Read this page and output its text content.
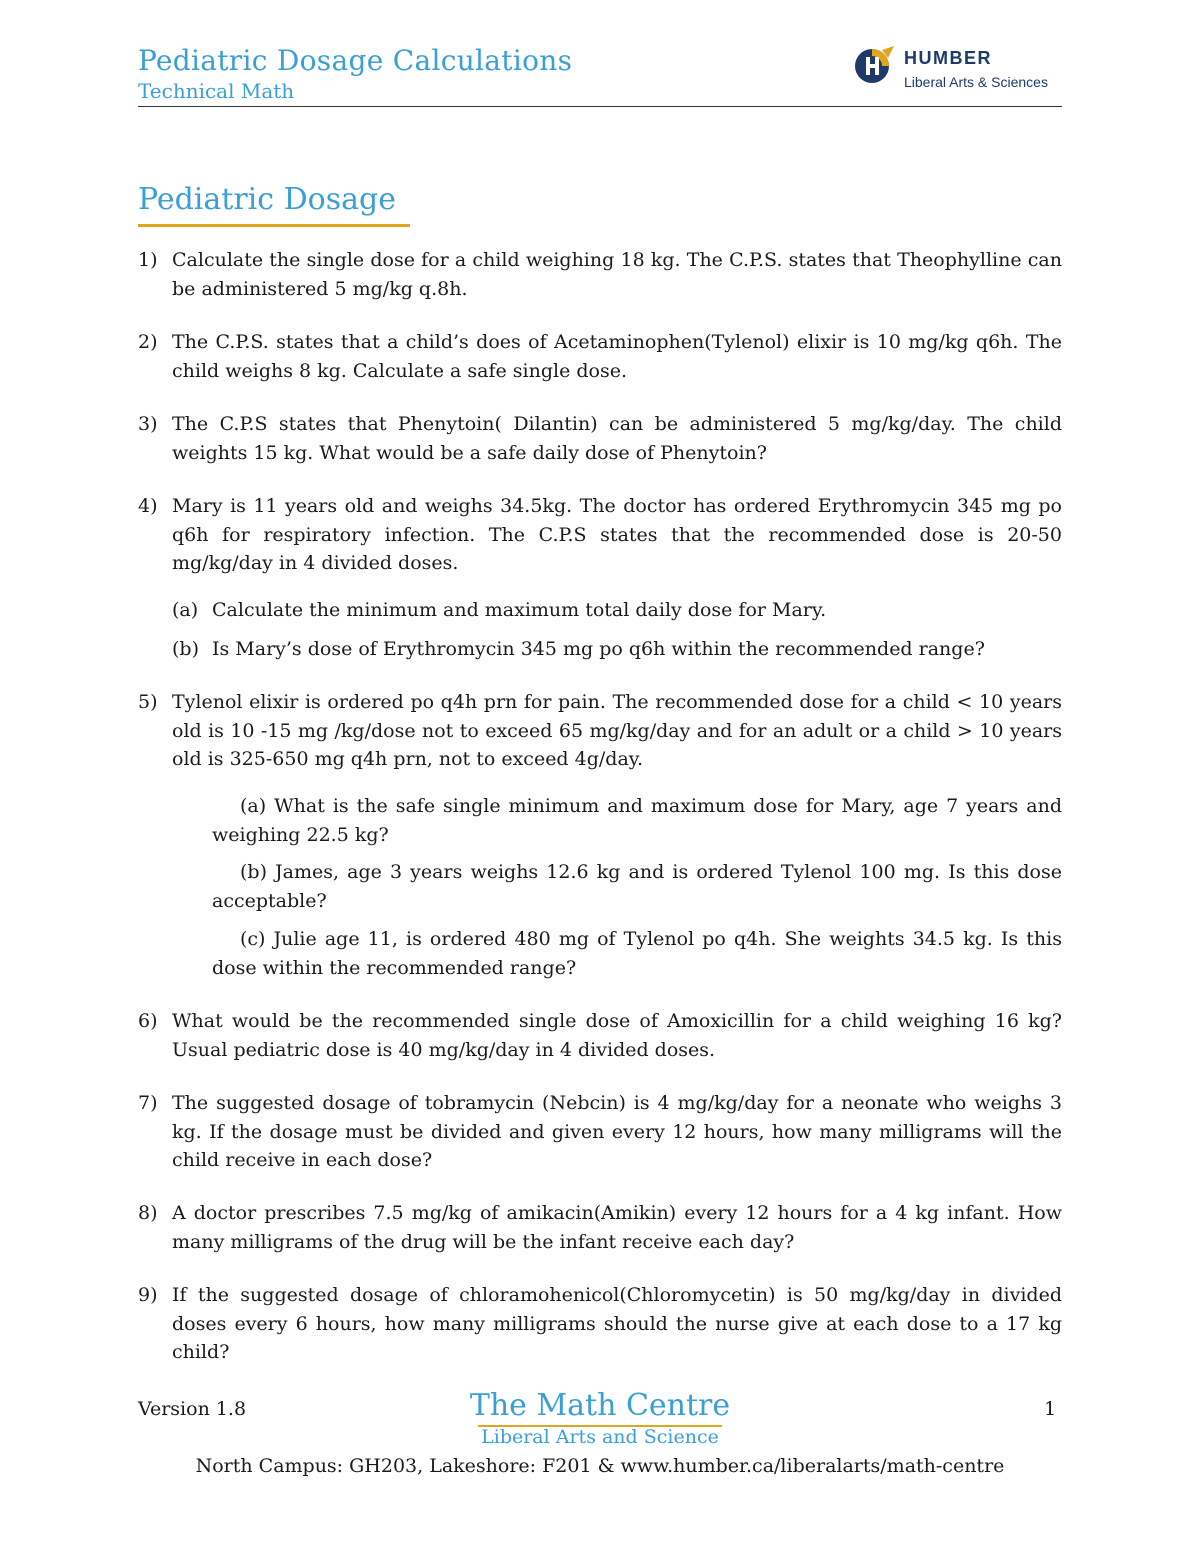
Pediatric Dosage Calculations
Technical Math
HUMBER
Liberal Arts & Sciences
Pediatric Dosage
1) Calculate the single dose for a child weighing 18 kg. The C.P.S. states that Theophylline can be administered 5 mg/kg q.8h.
2) The C.P.S. states that a child’s does of Acetaminophen(Tylenol) elixir is 10 mg/kg q6h. The child weighs 8 kg. Calculate a safe single dose.
3) The C.P.S states that Phenytoin( Dilantin) can be administered 5 mg/kg/day. The child weights 15 kg. What would be a safe daily dose of Phenytoin?
4) Mary is 11 years old and weighs 34.5kg. The doctor has ordered Erythromycin 345 mg po q6h for respiratory infection. The C.P.S states that the recommended dose is 20-50 mg/kg/day in 4 divided doses.
(a) Calculate the minimum and maximum total daily dose for Mary.
(b) Is Mary’s dose of Erythromycin 345 mg po q6h within the recommended range?
5) Tylenol elixir is ordered po q4h prn for pain. The recommended dose for a child < 10 years old is 10 -15 mg /kg/dose not to exceed 65 mg/kg/day and for an adult or a child > 10 years old is 325-650 mg q4h prn, not to exceed 4g/day.
(a) What is the safe single minimum and maximum dose for Mary, age 7 years and weighing 22.5 kg?
(b) James, age 3 years weighs 12.6 kg and is ordered Tylenol 100 mg. Is this dose acceptable?
(c) Julie age 11, is ordered 480 mg of Tylenol po q4h. She weights 34.5 kg. Is this dose within the recommended range?
6) What would be the recommended single dose of Amoxicillin for a child weighing 16 kg? Usual pediatric dose is 40 mg/kg/day in 4 divided doses.
7) The suggested dosage of tobramycin (Nebcin) is 4 mg/kg/day for a neonate who weighs 3 kg. If the dosage must be divided and given every 12 hours, how many milligrams will the child receive in each dose?
8) A doctor prescribes 7.5 mg/kg of amikacin(Amikin) every 12 hours for a 4 kg infant. How many milligrams of the drug will be the infant receive each day?
9) If the suggested dosage of chloramohenicol(Chloromycetin) is 50 mg/kg/day in divided doses every 6 hours, how many milligrams should the nurse give at each dose to a 17 kg child?
Version 1.8	The Math Centre
Liberal Arts and Science
1
North Campus: GH203, Lakeshore: F201 & www.humber.ca/liberalarts/math-centre
